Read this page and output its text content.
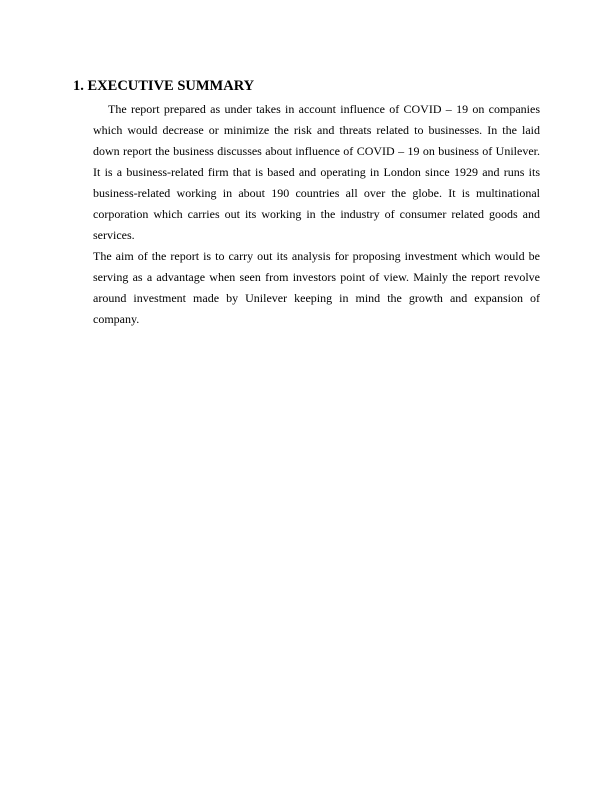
1. EXECUTIVE SUMMARY

The report prepared as under takes in account influence of COVID – 19 on companies which would decrease or minimize the risk and threats related to businesses. In the laid down report the business discusses about influence of COVID – 19 on business of Unilever. It is a business-related firm that is based and operating in London since 1929 and runs its business-related working in about 190 countries all over the globe. It is multinational corporation which carries out its working in the industry of consumer related goods and services.

The aim of the report is to carry out its analysis for proposing investment which would be serving as a advantage when seen from investors point of view. Mainly the report revolve around investment made by Unilever keeping in mind the growth and expansion of company.
